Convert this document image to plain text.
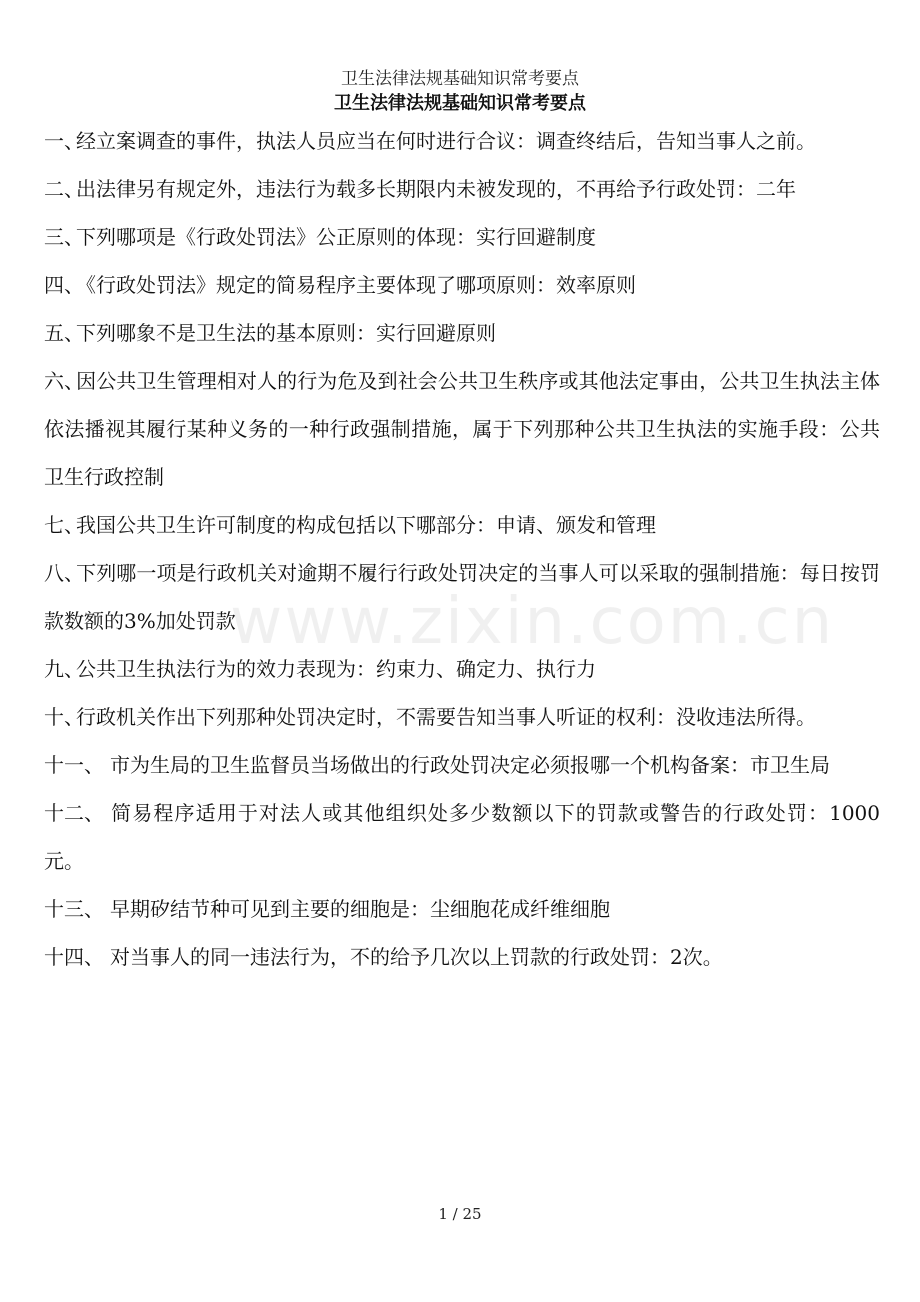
卫生法律法规基础知识常考要点
卫生法律法规基础知识常考要点
www.zixin.com.cn
一、
经立案调查的事件，执法人员应当在何时进行合议：调查终结后，告知当事人之前。
二、
出法律另有规定外，违法行为载多长期限内未被发现的，不再给予行政处罚：二年
三、
下列哪项是《行政处罚法》公正原则的体现：实行回避制度
四、
《行政处罚法》规定的简易程序主要体现了哪项原则：效率原则
五、
下列哪象不是卫生法的基本原则：实行回避原则
六、
因公共卫生管理相对人的行为危及到社会公共卫生秩序或其他法定事由，公共卫生执法主体依法播视其履行某种义务的一种行政强制措施，属于下列那种公共卫生执法的实施手段：公共卫生行政控制
七、
我国公共卫生许可制度的构成包括以下哪部分：申请、颁发和管理
八、
下列哪一项是行政机关对逾期不履行行政处罚决定的当事人可以采取的强制措施：每日按罚款数额的3%加处罚款
九、
公共卫生执法行为的效力表现为：约束力、确定力、执行力
十、
行政机关作出下列那种处罚决定时，不需要告知当事人听证的权利：没收违法所得。
十一、 市为生局的卫生监督员当场做出的行政处罚决定必须报哪一个机构备案：市卫生局
十二、 简易程序适用于对法人或其他组织处多少数额以下的罚款或警告的行政处罚：1000元。
十三、 早期矽结节种可见到主要的细胞是：尘细胞花成纤维细胞
十四、 对当事人的同一违法行为，不的给予几次以上罚款的行政处罚：2次。
1 / 25
